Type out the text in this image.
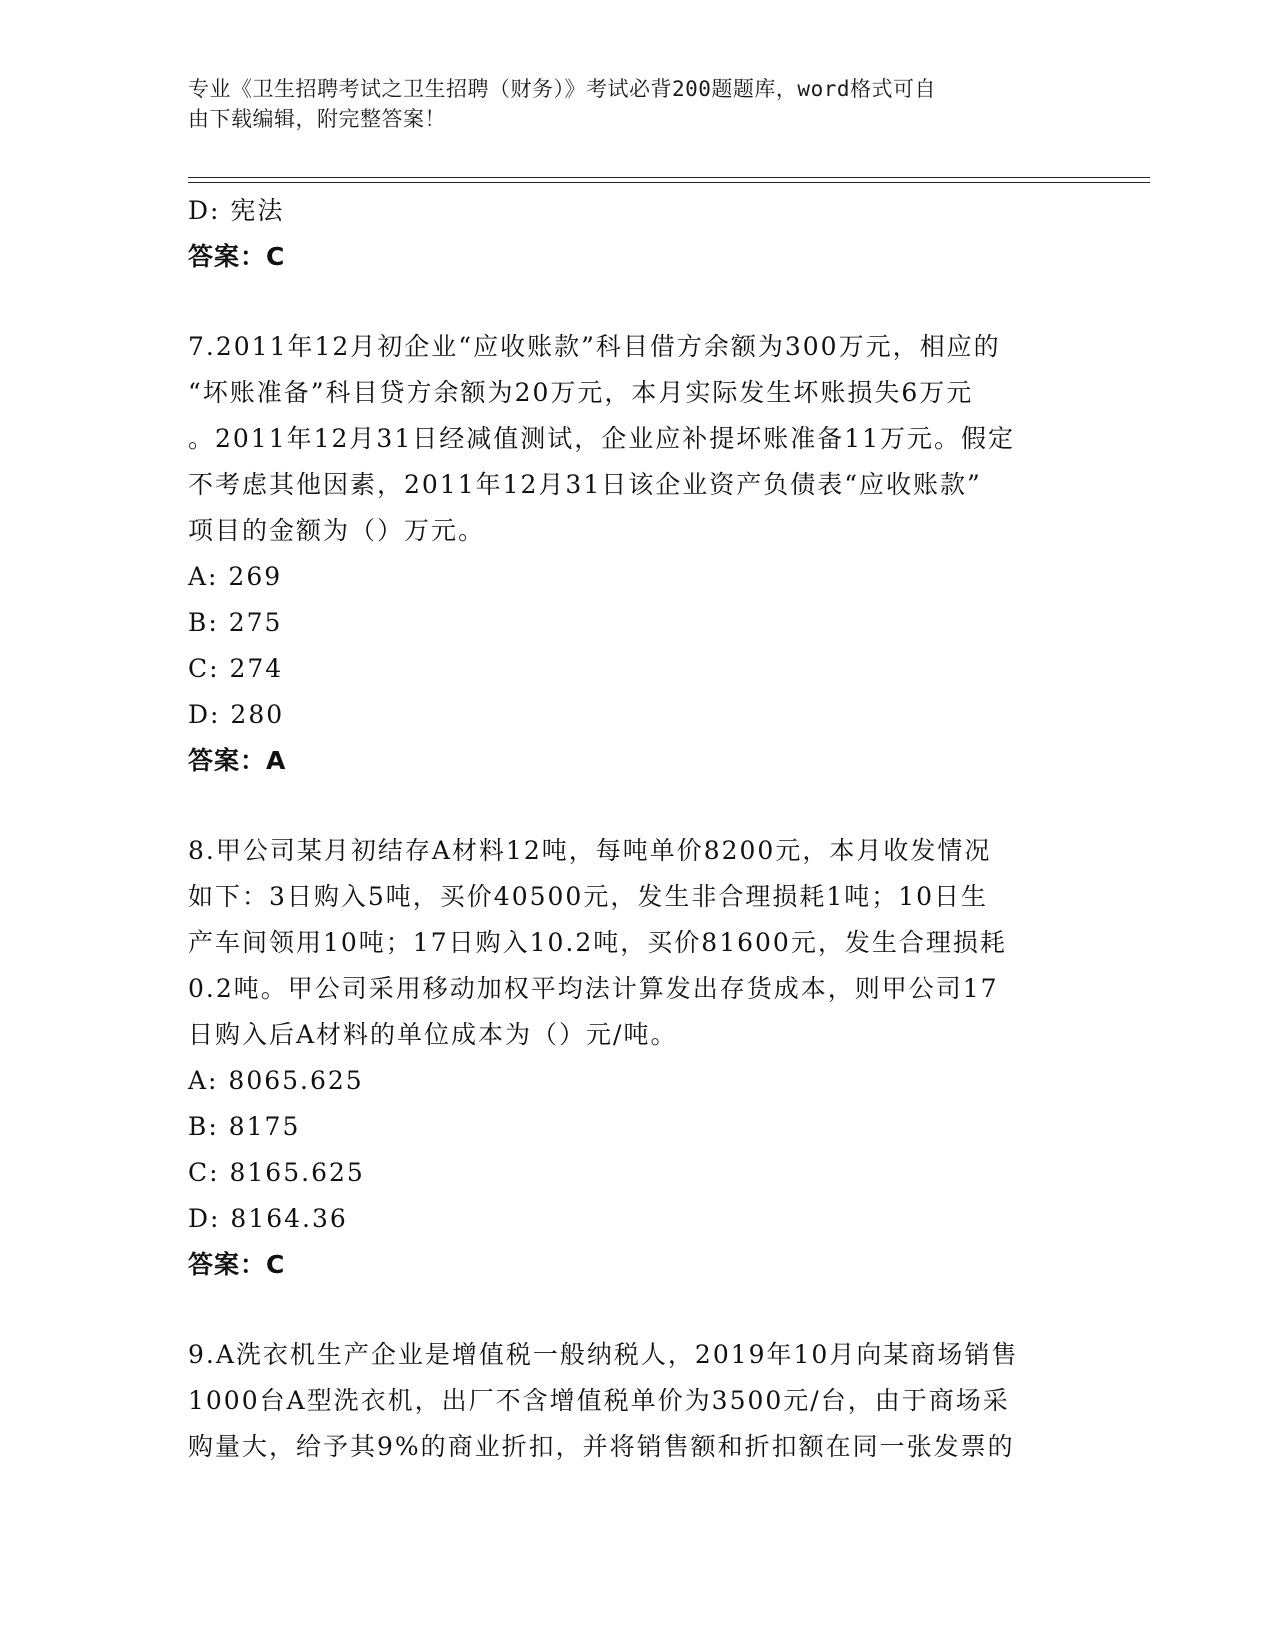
专业《卫生招聘考试之卫生招聘（财务）》考试必背200题题库，word格式可自
由下载编辑，附完整答案！
D: 宪法
答案：C
7.2011年12月初企业“应收账款”科目借方余额为300万元，相应的
“坏账准备”科目贷方余额为20万元，本月实际发生坏账损失6万元
。2011年12月31日经减值测试，企业应补提坏账准备11万元。假定
不考虑其他因素，2011年12月31日该企业资产负债表“应收账款”
项目的金额为（）万元。
A: 269
B: 275
C: 274
D: 280
答案：A
8.甲公司某月初结存A材料12吨，每吨单价8200元，本月收发情况
如下：3日购入5吨，买价40500元，发生非合理损耗1吨；10日生
产车间领用10吨；17日购入10.2吨，买价81600元，发生合理损耗
0.2吨。甲公司采用移动加权平均法计算发出存货成本，则甲公司17
日购入后A材料的单位成本为（）元/吨。
A: 8065.625
B: 8175
C: 8165.625
D: 8164.36
答案：C
9.A洗衣机生产企业是增值税一般纳税人，2019年10月向某商场销售
1000台A型洗衣机，出厂不含增值税单价为3500元/台，由于商场采
购量大，给予其9%的商业折扣，并将销售额和折扣额在同一张发票的
